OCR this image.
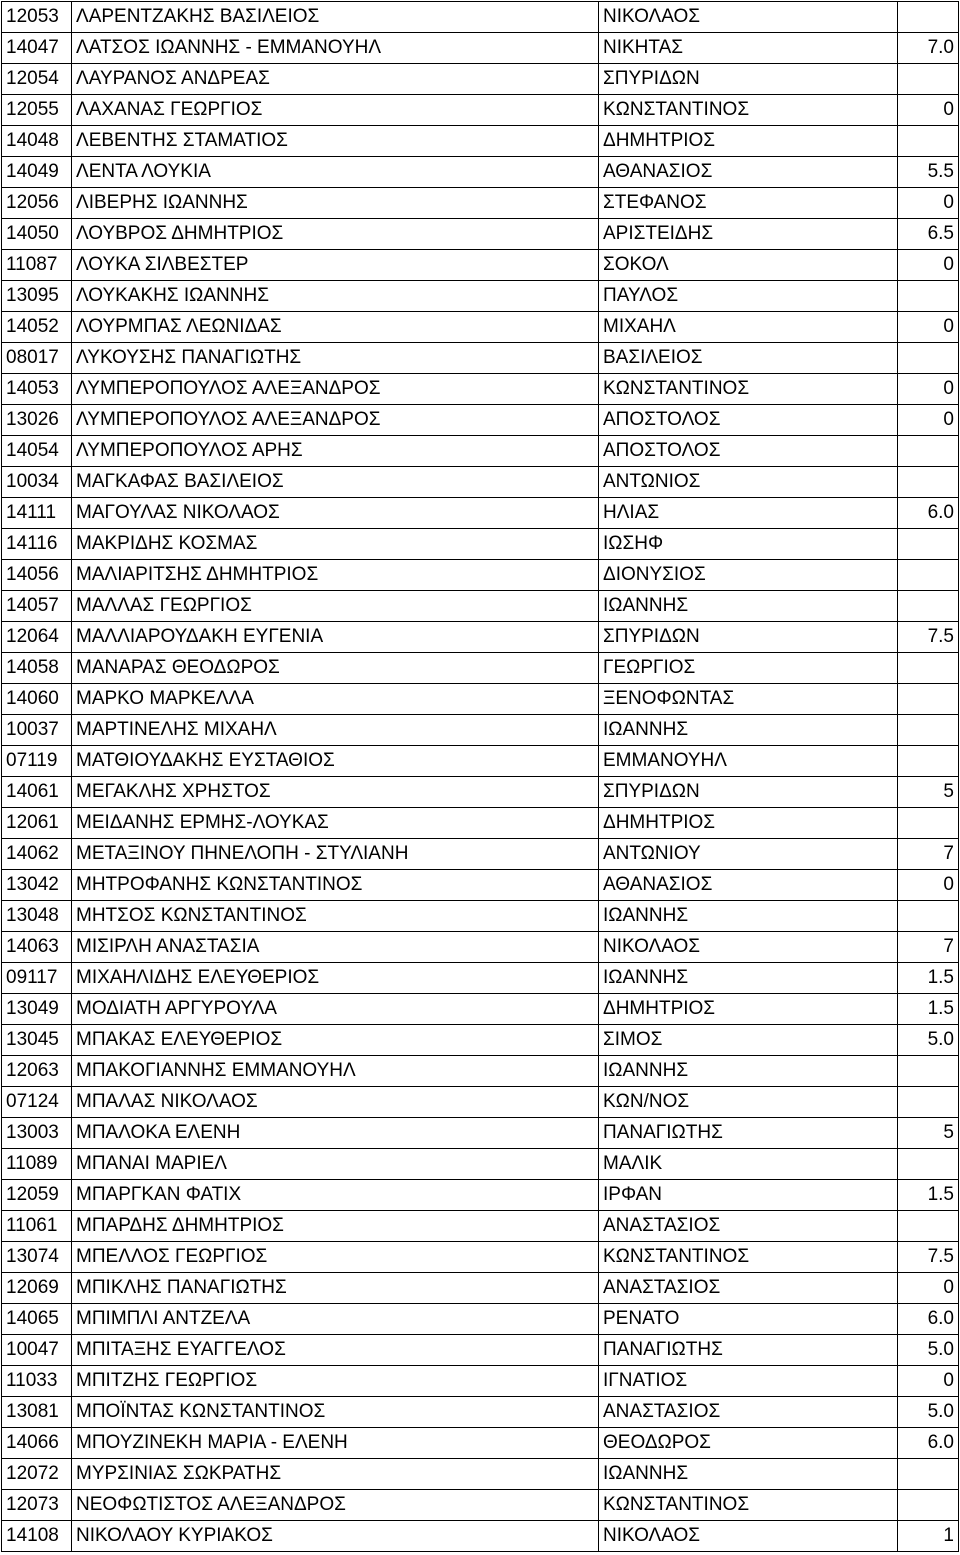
12053	ΛΑΡΕΝΤΖΑΚΗΣ ΒΑΣΙΛΕΙΟΣ	ΝΙΚΟΛΑΟΣ	
14047	ΛΑΤΣΟΣ ΙΩΑΝΝΗΣ - ΕΜΜΑΝΟΥΗΛ	ΝΙΚΗΤΑΣ	7.0
12054	ΛΑΥΡΑΝΟΣ ΑΝΔΡΕΑΣ	ΣΠΥΡΙΔΩΝ	
12055	ΛΑΧΑΝΑΣ ΓΕΩΡΓΙΟΣ	ΚΩΝΣΤΑΝΤΙΝΟΣ	0
14048	ΛΕΒΕΝΤΗΣ ΣΤΑΜΑΤΙΟΣ	ΔΗΜΗΤΡΙΟΣ	
14049	ΛΕΝΤΑ ΛΟΥΚΙΑ	ΑΘΑΝΑΣΙΟΣ	5.5
12056	ΛΙΒΕΡΗΣ ΙΩΑΝΝΗΣ	ΣΤΕΦΑΝΟΣ	0
14050	ΛΟΥΒΡΟΣ ΔΗΜΗΤΡΙΟΣ	ΑΡΙΣΤΕΙΔΗΣ	6.5
11087	ΛΟΥΚΑ ΣΙΛΒΕΣΤΕΡ	ΣΟΚΟΛ	0
13095	ΛΟΥΚΑΚΗΣ ΙΩΑΝΝΗΣ	ΠΑΥΛΟΣ	
14052	ΛΟΥΡΜΠΑΣ ΛΕΩΝΙΔΑΣ	ΜΙΧΑΗΛ	0
08017	ΛΥΚΟΥΣΗΣ ΠΑΝΑΓΙΩΤΗΣ	ΒΑΣΙΛΕΙΟΣ	
14053	ΛΥΜΠΕΡΟΠΟΥΛΟΣ ΑΛΕΞΑΝΔΡΟΣ	ΚΩΝΣΤΑΝΤΙΝΟΣ	0
13026	ΛΥΜΠΕΡΟΠΟΥΛΟΣ ΑΛΕΞΑΝΔΡΟΣ	ΑΠΟΣΤΟΛΟΣ	0
14054	ΛΥΜΠΕΡΟΠΟΥΛΟΣ ΑΡΗΣ	ΑΠΟΣΤΟΛΟΣ	
10034	ΜΑΓΚΑΦΑΣ ΒΑΣΙΛΕΙΟΣ	ΑΝΤΩΝΙΟΣ	
14111	ΜΑΓΟΥΛΑΣ ΝΙΚΟΛΑΟΣ	ΗΛΙΑΣ	6.0
14116	ΜΑΚΡΙΔΗΣ ΚΟΣΜΑΣ	ΙΩΣΗΦ	
14056	ΜΑΛΙΑΡΙΤΣΗΣ ΔΗΜΗΤΡΙΟΣ	ΔΙΟΝΥΣΙΟΣ	
14057	ΜΑΛΛΑΣ ΓΕΩΡΓΙΟΣ	ΙΩΑΝΝΗΣ	
12064	ΜΑΛΛΙΑΡΟΥΔΑΚΗ ΕΥΓΕΝΙΑ	ΣΠΥΡΙΔΩΝ	7.5
14058	ΜΑΝΑΡΑΣ ΘΕΟΔΩΡΟΣ	ΓΕΩΡΓΙΟΣ	
14060	ΜΑΡΚΟ ΜΑΡΚΕΛΛΑ	ΞΕΝΟΦΩΝΤΑΣ	
10037	ΜΑΡΤΙΝΕΛΗΣ ΜΙΧΑΗΛ	ΙΩΑΝΝΗΣ	
07119	ΜΑΤΘΙΟΥΔΑΚΗΣ ΕΥΣΤΑΘΙΟΣ	ΕΜΜΑΝΟΥΗΛ	
14061	ΜΕΓΑΚΛΗΣ ΧΡΗΣΤΟΣ	ΣΠΥΡΙΔΩΝ	5
12061	ΜΕΙΔΑΝΗΣ ΕΡΜΗΣ-ΛΟΥΚΑΣ	ΔΗΜΗΤΡΙΟΣ	
14062	ΜΕΤΑΞΙΝΟΥ ΠΗΝΕΛΟΠΗ - ΣΤΥΛΙΑΝΗ	ΑΝΤΩΝΙΟΥ	7
13042	ΜΗΤΡΟΦΑΝΗΣ ΚΩΝΣΤΑΝΤΙΝΟΣ	ΑΘΑΝΑΣΙΟΣ	0
13048	ΜΗΤΣΟΣ ΚΩΝΣΤΑΝΤΙΝΟΣ	ΙΩΑΝΝΗΣ	
14063	ΜΙΣΙΡΛΗ ΑΝΑΣΤΑΣΙΑ	ΝΙΚΟΛΑΟΣ	7
09117	ΜΙΧΑΗΛΙΔΗΣ ΕΛΕΥΘΕΡΙΟΣ	ΙΩΑΝΝΗΣ	1.5
13049	ΜΟΔΙΑΤΗ ΑΡΓΥΡΟΥΛΑ	ΔΗΜΗΤΡΙΟΣ	1.5
13045	ΜΠΑΚΑΣ ΕΛΕΥΘΕΡΙΟΣ	ΣΙΜΟΣ	5.0
12063	ΜΠΑΚΟΓΙΑΝΝΗΣ ΕΜΜΑΝΟΥΗΛ	ΙΩΑΝΝΗΣ	
07124	ΜΠΑΛΑΣ ΝΙΚΟΛΑΟΣ	ΚΩΝ/ΝΟΣ	
13003	ΜΠΑΛΟΚΑ ΕΛΕΝΗ	ΠΑΝΑΓΙΩΤΗΣ	5
11089	ΜΠΑΝΑΙ ΜΑΡΙΕΛ	ΜΑΛΙΚ	
12059	ΜΠΑΡΓΚΑΝ ΦΑΤΙΧ	ΙΡΦΑΝ	1.5
11061	ΜΠΑΡΔΗΣ ΔΗΜΗΤΡΙΟΣ	ΑΝΑΣΤΑΣΙΟΣ	
13074	ΜΠΕΛΛΟΣ ΓΕΩΡΓΙΟΣ	ΚΩΝΣΤΑΝΤΙΝΟΣ	7.5
12069	ΜΠΙΚΛΗΣ ΠΑΝΑΓΙΩΤΗΣ	ΑΝΑΣΤΑΣΙΟΣ	0
14065	ΜΠΙΜΠΛΙ ΑΝΤΖΕΛΑ	ΡΕΝΑΤΟ	6.0
10047	ΜΠΙΤΑΞΗΣ ΕΥΑΓΓΕΛΟΣ	ΠΑΝΑΓΙΩΤΗΣ	5.0
11033	ΜΠΙΤΖΗΣ ΓΕΩΡΓΙΟΣ	ΙΓΝΑΤΙΟΣ	0
13081	ΜΠΟΪΝΤΑΣ ΚΩΝΣΤΑΝΤΙΝΟΣ	ΑΝΑΣΤΑΣΙΟΣ	5.0
14066	ΜΠΟΥΖΙΝΕΚΗ ΜΑΡΙΑ - ΕΛΕΝΗ	ΘΕΟΔΩΡΟΣ	6.0
12072	ΜΥΡΣΙΝΙΑΣ ΣΩΚΡΑΤΗΣ	ΙΩΑΝΝΗΣ	
12073	ΝΕΟΦΩΤΙΣΤΟΣ ΑΛΕΞΑΝΔΡΟΣ	ΚΩΝΣΤΑΝΤΙΝΟΣ	
14108	ΝΙΚΟΛΑΟΥ ΚΥΡΙΑΚΟΣ	ΝΙΚΟΛΑΟΣ	1
